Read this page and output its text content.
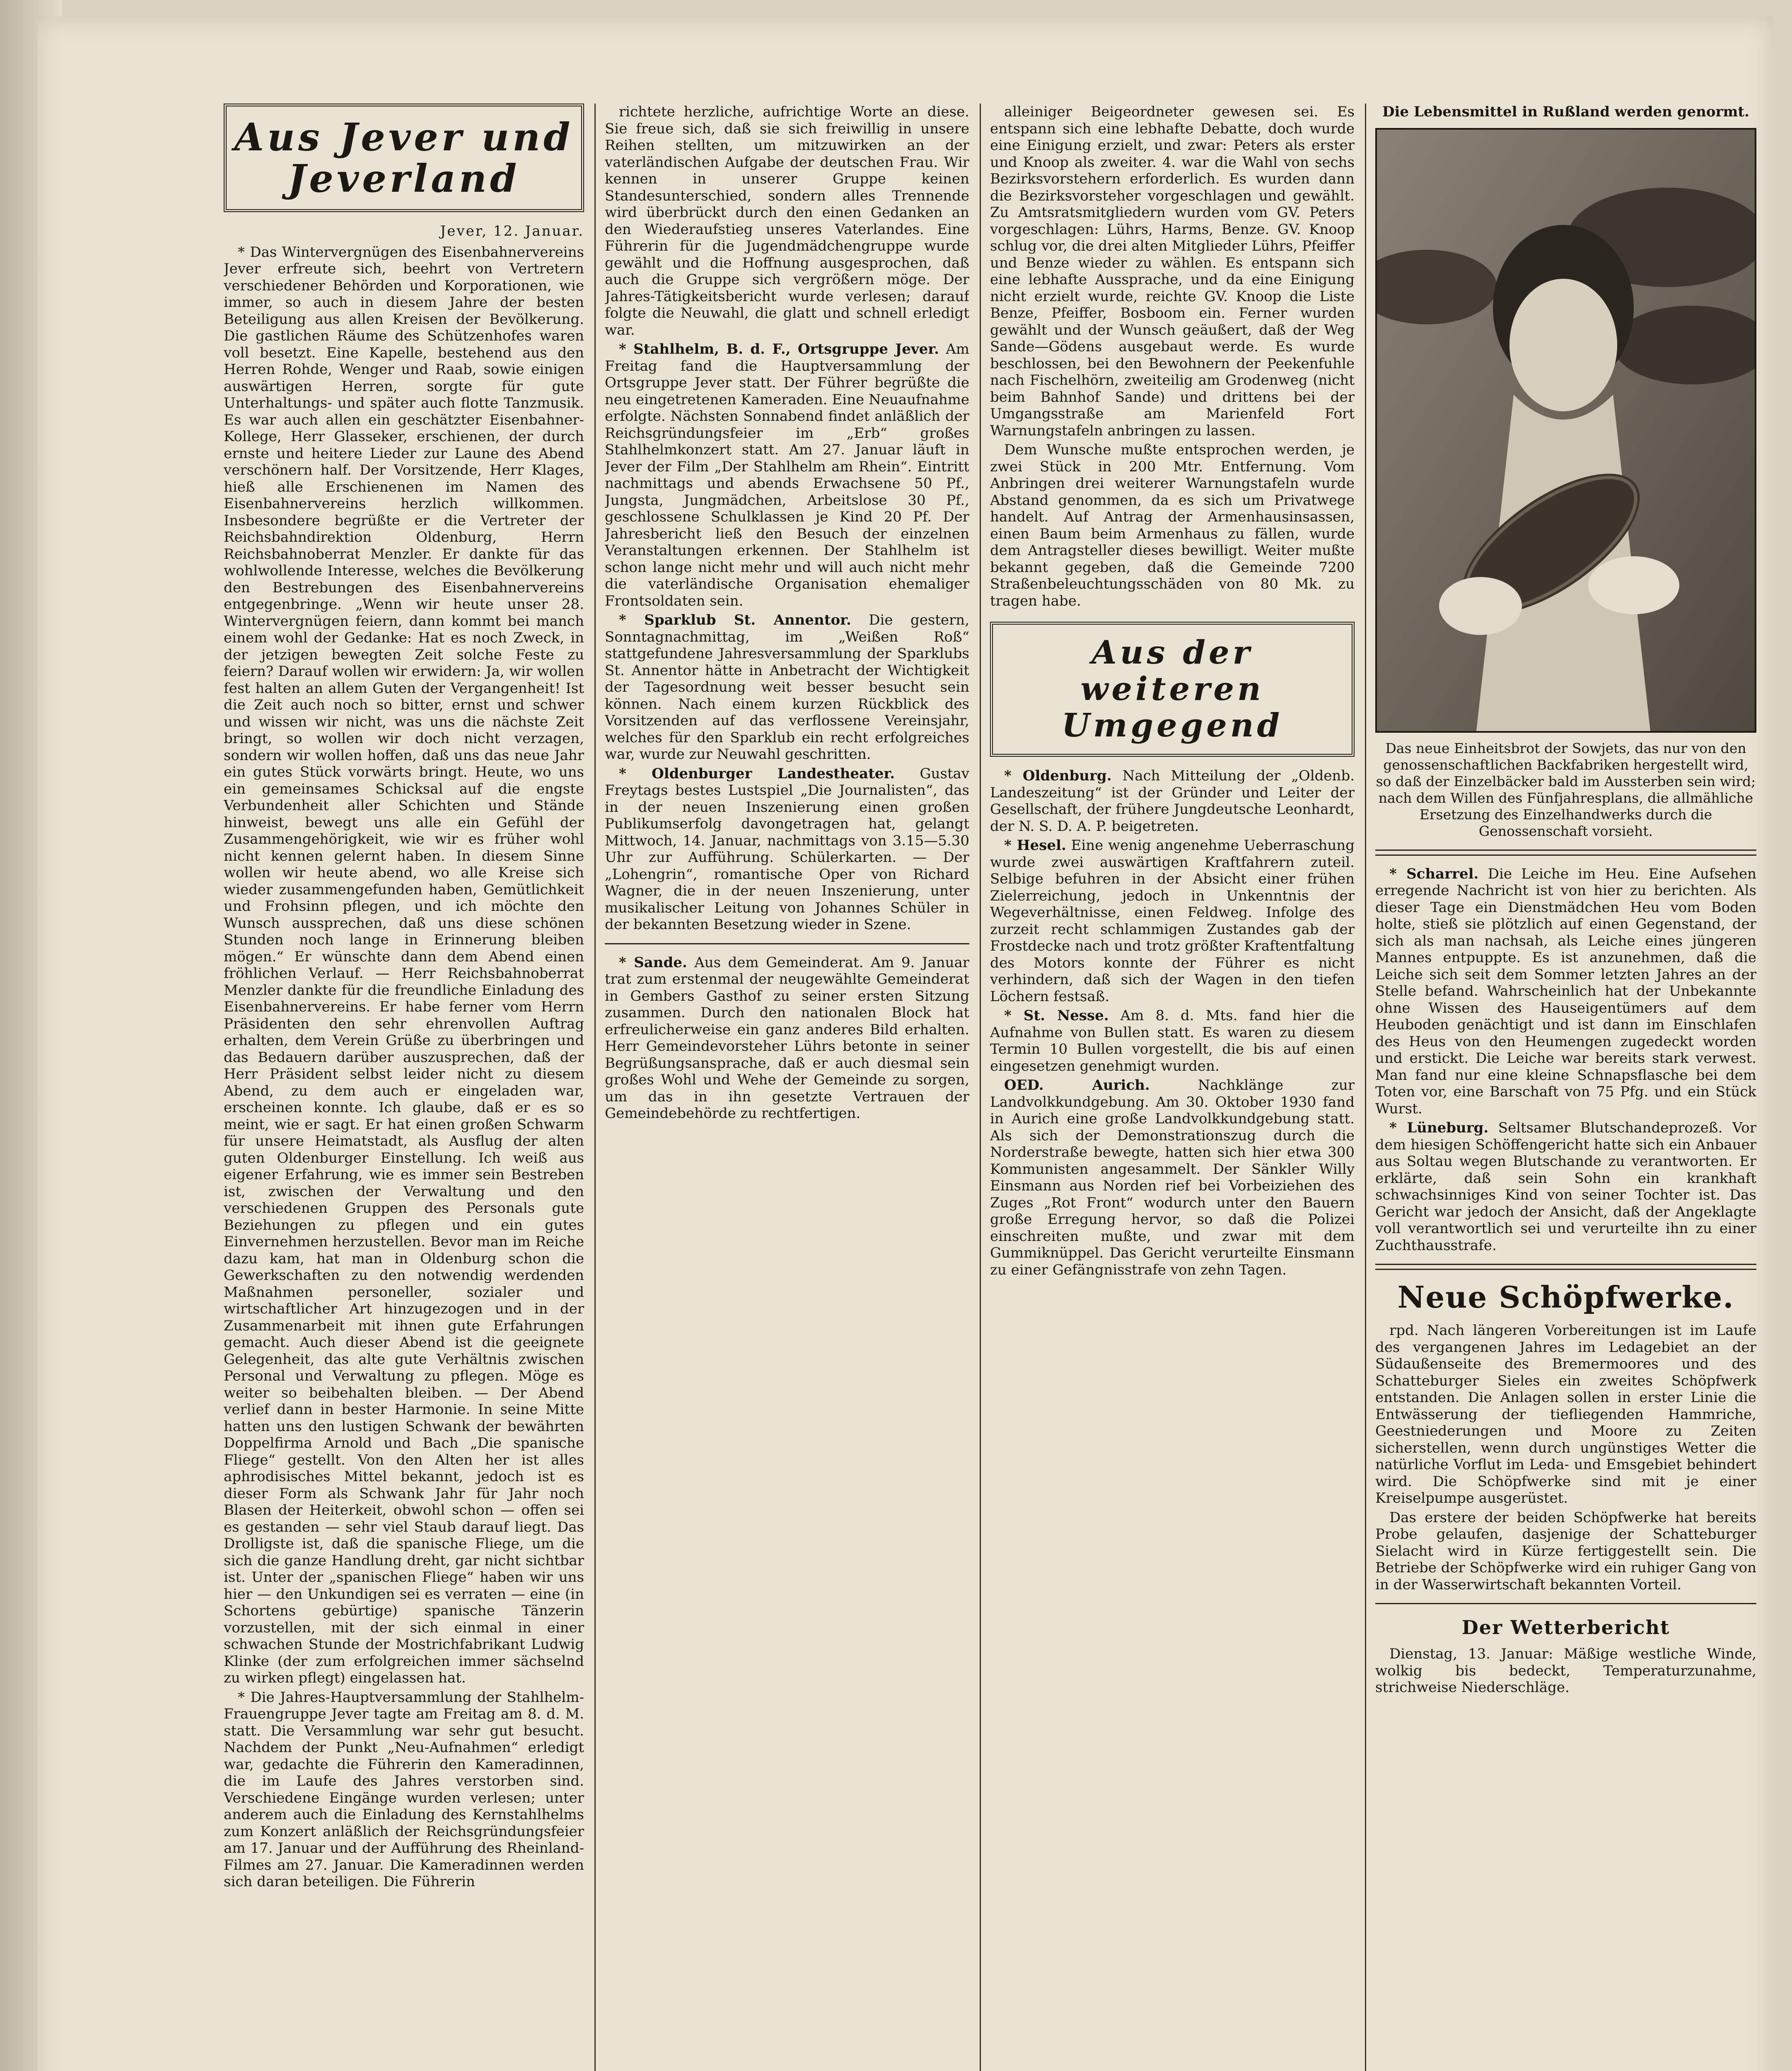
Aus Jever und Jeverland
Jever, 12. Januar.

* Das Wintervergnügen des Eisenbahnervereins Jever erfreute sich, beehrt von Vertretern verschiedener Behörden und Korporationen, wie immer, so auch in diesem Jahre der besten Beteiligung aus allen Kreisen der Bevölkerung. Die gastlichen Räume des Schützenhofes waren voll besetzt. Eine Kapelle, bestehend aus den Herren Rohde, Wenger und Raab, sowie einigen auswärtigen Herren, sorgte für gute Unterhaltungs- und später auch flotte Tanzmusik. Es war auch allen ein geschätzter Eisenbahner-Kollege, Herr Glasseker, erschienen, der durch ernste und heitere Lieder zur Laune des Abend verschönern half. Der Vorsitzende, Herr Klages, hieß alle Erschienenen im Namen des Eisenbahnervereins herzlich willkommen. Insbesondere begrüßte er die Vertreter der Reichsbahndirektion Oldenburg, Herrn Reichsbahnoberrat Menzler. Er dankte für das wohlwollende Interesse, welches die Bevölkerung den Bestrebungen des Eisenbahnervereins entgegenbringe. „Wenn wir heute unser 28. Wintervergnügen feiern, dann kommt bei manch einem wohl der Gedanke: Hat es noch Zweck, in der jetzigen bewegten Zeit solche Feste zu feiern? Darauf wollen wir erwidern: Ja, wir wollen fest halten an allem Guten der Vergangenheit! Ist die Zeit auch noch so bitter, ernst und schwer und wissen wir nicht, was uns die nächste Zeit bringt, so wollen wir doch nicht verzagen, sondern wir wollen hoffen, daß uns das neue Jahr ein gutes Stück vorwärts bringt. Heute, wo uns ein gemeinsames Schicksal auf die engste Verbundenheit aller Schichten und Stände hinweist, bewegt uns alle ein Gefühl der Zusammengehörigkeit, wie wir es früher wohl nicht kennen gelernt haben. In diesem Sinne wollen wir heute abend, wo alle Kreise sich wieder zusammengefunden haben, Gemütlichkeit und Frohsinn pflegen, und ich möchte den Wunsch aussprechen, daß uns diese schönen Stunden noch lange in Erinnerung bleiben mögen.“ Er wünschte dann dem Abend einen fröhlichen Verlauf. — Herr Reichsbahnoberrat Menzler dankte für die freundliche Einladung des Eisenbahnervereins. Er habe ferner vom Herrn Präsidenten den sehr ehrenvollen Auftrag erhalten, dem Verein Grüße zu überbringen und das Bedauern darüber auszusprechen, daß der Herr Präsident selbst leider nicht zu diesem Abend, zu dem auch er eingeladen war, erscheinen konnte. Ich glaube, daß er es so meint, wie er sagt. Er hat einen großen Schwarm für unsere Heimatstadt, als Ausflug der alten guten Oldenburger Einstellung. Ich weiß aus eigener Erfahrung, wie es immer sein Bestreben ist, zwischen der Verwaltung und den verschiedenen Gruppen des Personals gute Beziehungen zu pflegen und ein gutes Einvernehmen herzustellen. Bevor man im Reiche dazu kam, hat man in Oldenburg schon die Gewerkschaften zu den notwendig werdenden Maßnahmen personeller, sozialer und wirtschaftlicher Art hinzugezogen und in der Zusammenarbeit mit ihnen gute Erfahrungen gemacht. Auch dieser Abend ist die geeignete Gelegenheit, das alte gute Verhältnis zwischen Personal und Verwaltung zu pflegen. Möge es weiter so beibehalten bleiben. — Der Abend verlief dann in bester Harmonie. In seine Mitte hatten uns den lustigen Schwank der bewährten Doppelfirma Arnold und Bach „Die spanische Fliege“ gestellt. Von den Alten her ist alles aphrodisisches Mittel bekannt, jedoch ist es dieser Form als Schwank Jahr für Jahr noch Blasen der Heiterkeit, obwohl schon — offen sei es gestanden — sehr viel Staub darauf liegt. Das Drolligste ist, daß die spanische Fliege, um die sich die ganze Handlung dreht, gar nicht sichtbar ist. Unter der „spanischen Fliege“ haben wir uns hier — den Unkundigen sei es verraten — eine (in Schortens gebürtige) spanische Tänzerin vorzustellen, mit der sich einmal in einer schwachen Stunde der Mostrichfabrikant Ludwig Klinke (der zum erfolgreichen immer sächselnd zu wirken pflegt) eingelassen hat.

* Die Jahres-Hauptversammlung der Stahlhelm-Frauengruppe Jever tagte am Freitag am 8. d. M. statt. Die Versammlung war sehr gut besucht. Nachdem der Punkt „Neu-Aufnahmen“ erledigt war, gedachte die Führerin den Kameradinnen, die im Laufe des Jahres verstorben sind. Verschiedene Eingänge wurden verlesen; unter anderem auch die Einladung des Kernstahlhelms zum Konzert anläßlich der Reichsgründungsfeier am 17. Januar und der Aufführung des Rheinland-Filmes am 27. Januar. Die Kameradinnen werden sich daran beteiligen. Die Führerin

richtete herzliche, aufrichtige Worte an diese. Sie freue sich, daß sie sich freiwillig in unsere Reihen stellten, um mitzuwirken an der vaterländischen Aufgabe der deutschen Frau. Wir kennen in unserer Gruppe keinen Standesunterschied, sondern alles Trennende wird überbrückt durch den einen Gedanken an den Wiederaufstieg unseres Vaterlandes. Eine Führerin für die Jugendmädchengruppe wurde gewählt und die Hoffnung ausgesprochen, daß auch die Gruppe sich vergrößern möge. Der Jahres-Tätigkeitsbericht wurde verlesen; darauf folgte die Neuwahl, die glatt und schnell erledigt war.

* Stahlhelm, B. d. F., Ortsgruppe Jever. Am Freitag fand die Hauptversammlung der Ortsgruppe Jever statt. Der Führer begrüßte die neu eingetretenen Kameraden. Eine Neuaufnahme erfolgte. Nächsten Sonnabend findet anläßlich der Reichsgründungsfeier im „Erb“ großes Stahlhelmkonzert statt. Am 27. Januar läuft in Jever der Film „Der Stahlhelm am Rhein“. Eintritt nachmittags und abends Erwachsene 50 Pf., Jungsta, Jungmädchen, Arbeitslose 30 Pf., geschlossene Schulklassen je Kind 20 Pf. Der Jahresbericht ließ den Besuch der einzelnen Veranstaltungen erkennen. Der Stahlhelm ist schon lange nicht mehr und will auch nicht mehr die vaterländische Organisation ehemaliger Frontsoldaten sein.

* Sparklub St. Annentor. Die gestern, Sonntagnachmittag, im „Weißen Roß“ stattgefundene Jahresversammlung der Sparklubs St. Annentor hätte in Anbetracht der Wichtigkeit der Tagesordnung weit besser besucht sein können. Nach einem kurzen Rückblick des Vorsitzenden auf das verflossene Vereinsjahr, welches für den Sparklub ein recht erfolgreiches war, wurde zur Neuwahl geschritten.

* Oldenburger Landestheater. Gustav Freytags bestes Lustspiel „Die Journalisten“, das in der neuen Inszenierung einen großen Publikumserfolg davongetragen hat, gelangt Mittwoch, 14. Januar, nachmittags von 3.15—5.30 Uhr zur Aufführung. Schülerkarten. — Der „Lohengrin“, romantische Oper von Richard Wagner, die in der neuen Inszenierung, unter musikalischer Leitung von Johannes Schüler in der bekannten Besetzung wieder in Szene.

* Sande. Aus dem Gemeinderat. Am 9. Januar trat zum erstenmal der neugewählte Gemeinderat in Gembers Gasthof zu seiner ersten Sitzung zusammen. Durch den nationalen Block hat erfreulicherweise ein ganz anderes Bild erhalten. Herr Gemeindevorsteher Lührs betonte in seiner Begrüßungsansprache, daß er auch diesmal sein großes Wohl und Wehe der Gemeinde zu sorgen, um das in ihn gesetzte Vertrauen der Gemeindebehörde zu rechtfertigen.

alleiniger Beigeordneter gewesen sei. Es entspann sich eine lebhafte Debatte, doch wurde eine Einigung erzielt, und zwar: Peters als erster und Knoop als zweiter. 4. war die Wahl von sechs Bezirksvorstehern erforderlich. Es wurden dann die Bezirksvorsteher vorgeschlagen und gewählt. Zu Amtsratsmitgliedern wurden vom GV. Peters vorgeschlagen: Lührs, Harms, Benze. GV. Knoop schlug vor, die drei alten Mitglieder Lührs, Pfeiffer und Benze wieder zu wählen. Es entspann sich eine lebhafte Aussprache, und da eine Einigung nicht erzielt wurde, reichte GV. Knoop die Liste Benze, Pfeiffer, Bosboom ein. Ferner wurden gewählt und der Wunsch geäußert, daß der Weg Sande—Gödens ausgebaut werde. Es wurde beschlossen, bei den Bewohnern der Peekenfuhle nach Fischelhörn, zweiteilig am Grodenweg (nicht beim Bahnhof Sande) und drittens bei der Umgangsstraße am Marienfeld Fort Warnungstafeln anbringen zu lassen.

Dem Wunsche mußte entsprochen werden, je zwei Stück in 200 Mtr. Entfernung. Vom Anbringen drei weiterer Warnungstafeln wurde Abstand genommen, da es sich um Privatwege handelt. Auf Antrag der Armenhausinsassen, einen Baum beim Armenhaus zu fällen, wurde dem Antragsteller dieses bewilligt. Weiter mußte bekannt gegeben, daß die Gemeinde 7200 Straßenbeleuchtungsschäden von 80 Mk. zu tragen habe.

Aus der weiteren Umgegend

* Oldenburg. Nach Mitteilung der „Oldenb. Landeszeitung“ ist der Gründer und Leiter der Gesellschaft, der frühere Jungdeutsche Leonhardt, der N. S. D. A. P. beigetreten.

* Hesel. Eine wenig angenehme Ueberraschung wurde zwei auswärtigen Kraftfahrern zuteil. Selbige befuhren in der Absicht einer frühen Zielerreichung, jedoch in Unkenntnis der Wegeverhältnisse, einen Feldweg. Infolge des zurzeit recht schlammigen Zustandes gab der Frostdecke nach und trotz größter Kraftentfaltung des Motors konnte der Führer es nicht verhindern, daß sich der Wagen in den tiefen Löchern festsaß.

* St. Nesse. Am 8. d. Mts. fand hier die Aufnahme von Bullen statt. Es waren zu diesem Termin 10 Bullen vorgestellt, die bis auf einen eingesetzen genehmigt wurden.

OED. Aurich.	Nachklänge zur Landvolkkundgebung. Am 30. Oktober 1930 fand in Aurich eine große Landvolkkundgebung statt. Als sich der Demonstrationszug durch die Norderstraße bewegte, hatten sich hier etwa 300 Kommunisten angesammelt. Der Sänkler Willy Einsmann aus Norden rief bei Vorbeiziehen des Zuges „Rot Front“ wodurch unter den Bauern große Erregung hervor, so daß die Polizei einschreiten mußte, und zwar mit dem Gummiknüppel. Das Gericht verurteilte Einsmann zu einer Gefängnisstrafe von zehn Tagen.

Die Lebensmittel in Rußland werden genormt.
Das neue Einheitsbrot der Sowjets, das nur von den genossenschaftlichen Backfabriken hergestellt wird, so daß der Einzelbäcker bald im Aussterben sein wird; nach dem Willen des Fünfjahresplans, die allmähliche Ersetzung des Einzelhandwerks durch die Genossenschaft vorsieht.

* Scharrel. Die Leiche im Heu. Eine Aufsehen erregende Nachricht ist von hier zu berichten. Als dieser Tage ein Dienstmädchen Heu vom Boden holte, stieß sie plötzlich auf einen Gegenstand, der sich als man nachsah, als Leiche eines jüngeren Mannes entpuppte. Es ist anzunehmen, daß die Leiche sich seit dem Sommer letzten Jahres an der Stelle befand. Wahrscheinlich hat der Unbekannte ohne Wissen des Hauseigentümers auf dem Heuboden genächtigt und ist dann im Einschlafen des Heus von den Heumengen zugedeckt worden und erstickt. Die Leiche war bereits stark verwest. Man fand nur eine kleine Schnapsflasche bei dem Toten vor, eine Barschaft von 75 Pfg. und ein Stück Wurst.

* Lüneburg. Seltsamer Blutschandeprozeß. Vor dem hiesigen Schöffengericht hatte sich ein Anbauer aus Soltau wegen Blutschande zu verantworten. Er erklärte, daß sein Sohn ein krankhaft schwachsinniges Kind von seiner Tochter ist. Das Gericht war jedoch der Ansicht, daß der Angeklagte voll verantwortlich sei und verurteilte ihn zu einer Zuchthausstrafe.

Neue Schöpfwerke.

rpd. Nach längeren Vorbereitungen ist im Laufe des vergangenen Jahres im Ledagebiet an der Südaußenseite des Bremermoores und des Schatteburger Sieles ein zweites Schöpfwerk entstanden. Die Anlagen sollen in erster Linie die Entwässerung der tiefliegenden Hammriche, Geestniederungen und Moore zu Zeiten sicherstellen, wenn durch ungünstiges Wetter die natürliche Vorflut im Leda- und Emsgebiet behindert wird. Die Schöpfwerke sind mit je einer Kreiselpumpe ausgerüstet.

Das erstere der beiden Schöpfwerke hat bereits Probe gelaufen, dasjenige der Schatteburger Sielacht wird in Kürze fertiggestellt sein. Die Betriebe der Schöpfwerke wird ein ruhiger Gang von in der Wasserwirtschaft bekannten Vorteil.

Der Wetterbericht

Dienstag, 13. Januar: Mäßige westliche Winde, wolkig bis bedeckt, Temperaturzunahme, strichweise Niederschläge.
